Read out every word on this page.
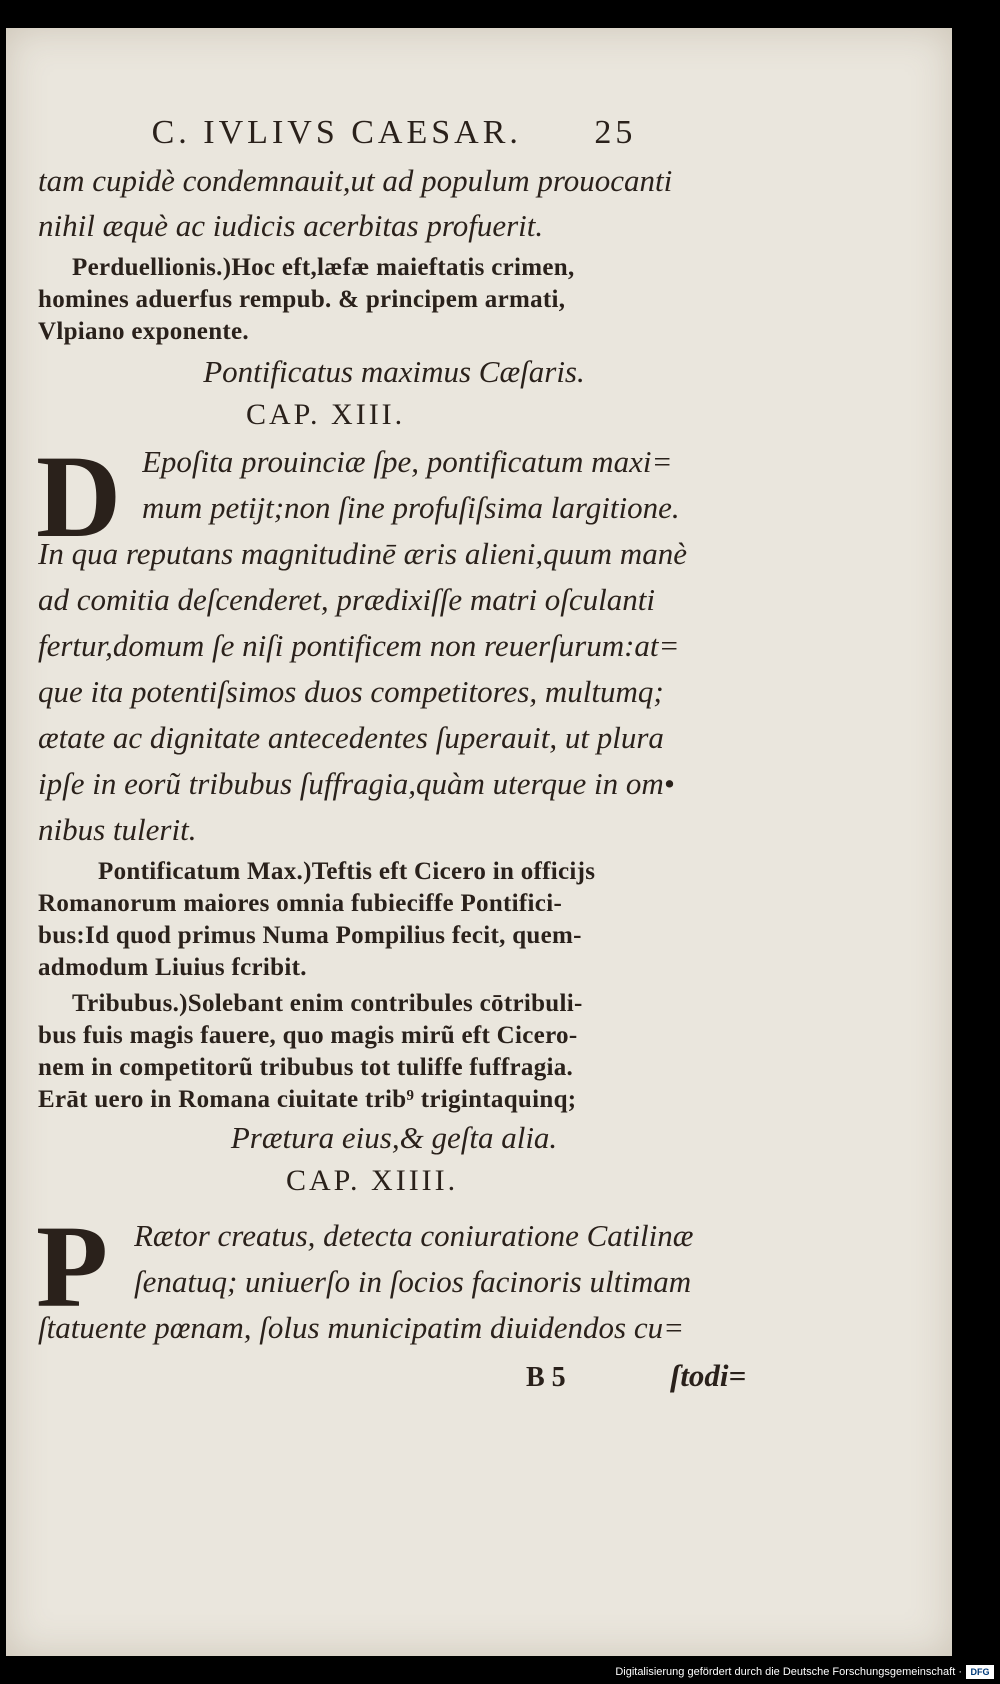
C. IVLIVS CAESAR. 25
tam cupidè condemnauit,ut ad populum prouocanti
nihil æquè ac iudicis acerbitas profuerit.
Perduellionis.)Hoc eft,læfæ maieftatis crimen,
homines aduerfus rempub. & principem armati,
Vlpiano exponente.
Pontificatus maximus Cæſaris.
CAP. XIII.
D Epoſita prouinciæ ſpe, pontificatum maxi=
mum petijt;non ſine profuſiſsima largitione.
In qua reputans magnitudinē æris alieni,quum manè
ad comitia deſcenderet, prædixiſſe matri oſculanti
fertur,domum ſe niſi pontificem non reuerſurum:at=
que ita potentiſsimos duos competitores, multumq;
ætate ac dignitate antecedentes ſuperauit, ut plura
ipſe in eorũ tribubus ſuffragia,quàm uterque in om•
nibus tulerit.
Pontificatum Max.)Teftis eft Cicero in officijs
Romanorum maiores omnia fubieciffe Pontifici-
bus:Id quod primus Numa Pompilius fecit, quem-
admodum Liuius fcribit.
Tribubus.)Solebant enim contribules cōtribuli-
bus fuis magis fauere, quo magis mirũ eft Cicero-
nem in competitorũ tribubus tot tuliffe fuffragia.
Erāt uero in Romana ciuitate trib⁹ trigintaquinq;
Prætura eius,& geſta alia.
CAP. XIIII.
P Rætor creatus, detecta coniuratione Catilinæ
ſenatuq; uniuerſo in ſocios facinoris ultimam
ſtatuente pœnam, ſolus municipatim diuidendos cu=
B 5	ſtodi=
Digitalisierung gefördert durch die Deutsche Forschungsgemeinschaft · DFG
